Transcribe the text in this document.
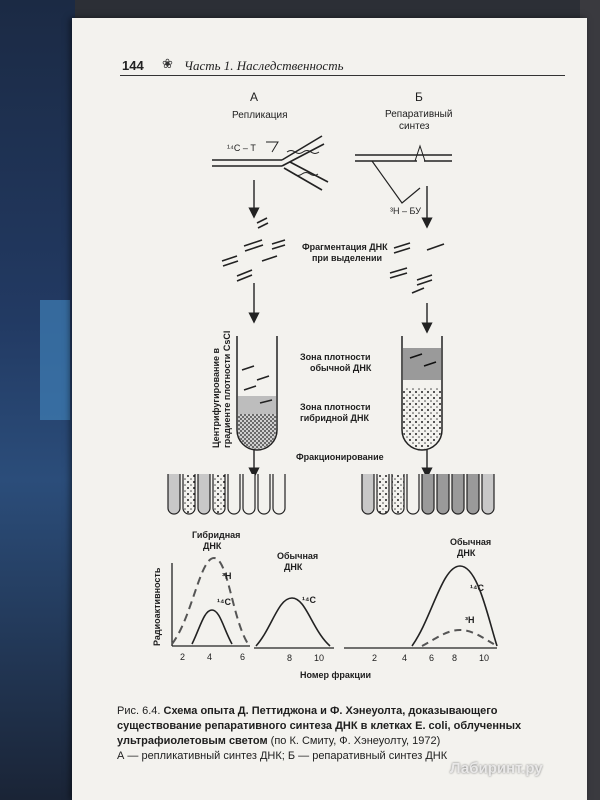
144 ❀ Часть 1. Наследственность
А
Репликация
Б
Репаративный
синтез
¹⁴С – Т
³Н – БУ
Фрагментация ДНК
при выделении
Центрифугирование в градиенте плотности CsCl	Зона плотности
обычной ДНК
Зона плотности
гибридной ДНК
Фракционирование
Гибридная
ДНК
Обычная
ДНК
Обычная
ДНК
Радиоактивность	³Н
¹⁴С	¹⁴С
¹⁴С
³Н
2 4	6	8 10	2	4 6 8 10
Номер фракции
Рис. 6.4. Схема опыта Д. Петтиджона и Ф. Хэнеуолта, доказывающего существование репаративного синтеза ДНК в клетках E. coli, облученных ультрафиолетовым светом (по К. Смиту, Ф. Хэнеуолту, 1972)
А — репликативный синтез ДНК; Б — репаративный синтез ДНК
Лабиринт.ру
